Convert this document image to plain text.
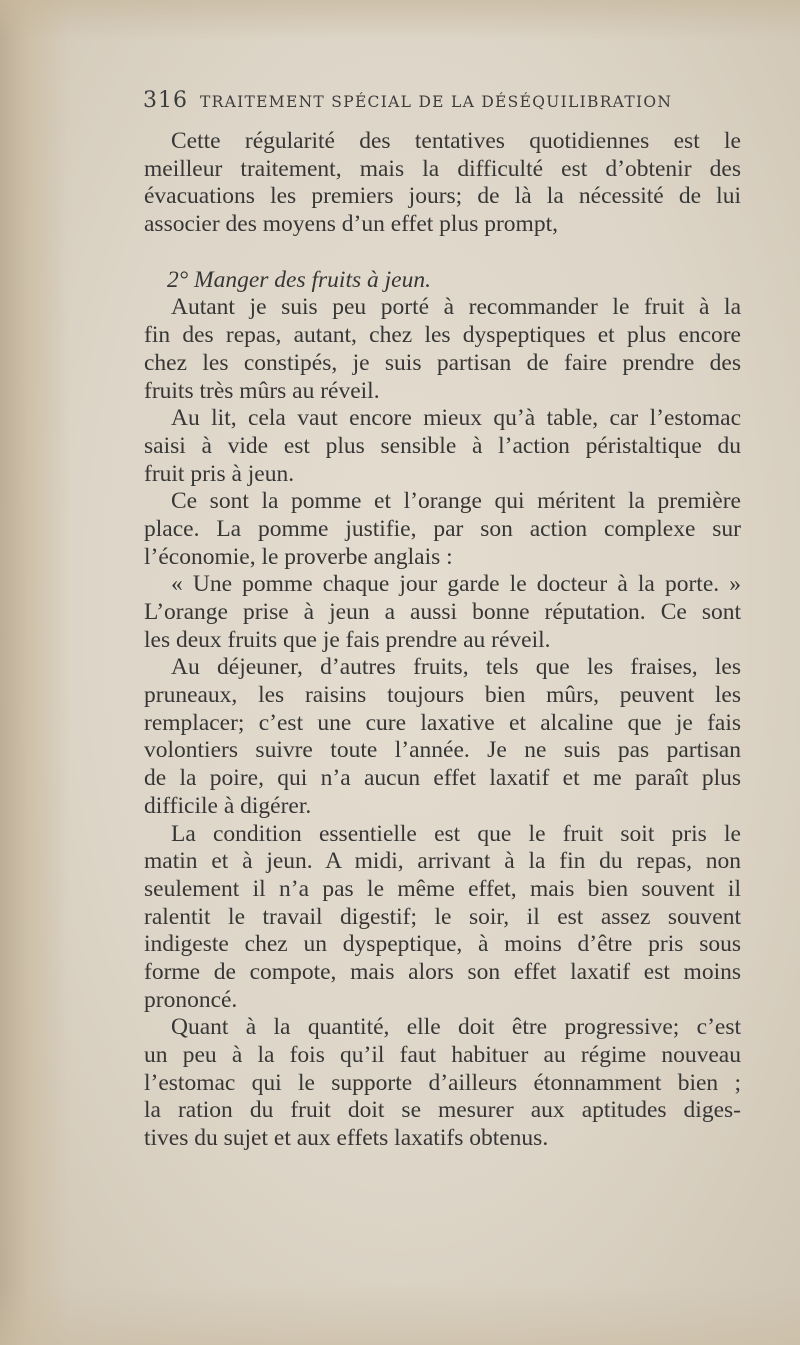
316 TRAITEMENT SPÉCIAL DE LA DÉSÉQUILIBRATION
Cette régularité des tentatives quotidiennes est le
meilleur traitement, mais la difficulté est d’obtenir des
évacuations les premiers jours; de là la nécessité de lui
associer des moyens d’un effet plus prompt,
2° Manger des fruits à jeun.
Autant je suis peu porté à recommander le fruit à la
fin des repas, autant, chez les dyspeptiques et plus encore
chez les constipés, je suis partisan de faire prendre des
fruits très mûrs au réveil.
Au lit, cela vaut encore mieux qu’à table, car l’estomac
saisi à vide est plus sensible à l’action péristaltique du
fruit pris à jeun.
Ce sont la pomme et l’orange qui méritent la première
place. La pomme justifie, par son action complexe sur
l’économie, le proverbe anglais :
« Une pomme chaque jour garde le docteur à la porte. »
L’orange prise à jeun a aussi bonne réputation. Ce sont
les deux fruits que je fais prendre au réveil.
Au déjeuner, d’autres fruits, tels que les fraises, les
pruneaux, les raisins toujours bien mûrs, peuvent les
remplacer; c’est une cure laxative et alcaline que je fais
volontiers suivre toute l’année. Je ne suis pas partisan
de la poire, qui n’a aucun effet laxatif et me paraît plus
difficile à digérer.
La condition essentielle est que le fruit soit pris le
matin et à jeun. A midi, arrivant à la fin du repas, non
seulement il n’a pas le même effet, mais bien souvent il
ralentit le travail digestif; le soir, il est assez souvent
indigeste chez un dyspeptique, à moins d’être pris sous
forme de compote, mais alors son effet laxatif est moins
prononcé.
Quant à la quantité, elle doit être progressive; c’est
un peu à la fois qu’il faut habituer au régime nouveau
l’estomac qui le supporte d’ailleurs étonnamment bien ;
la ration du fruit doit se mesurer aux aptitudes diges-
tives du sujet et aux effets laxatifs obtenus.
